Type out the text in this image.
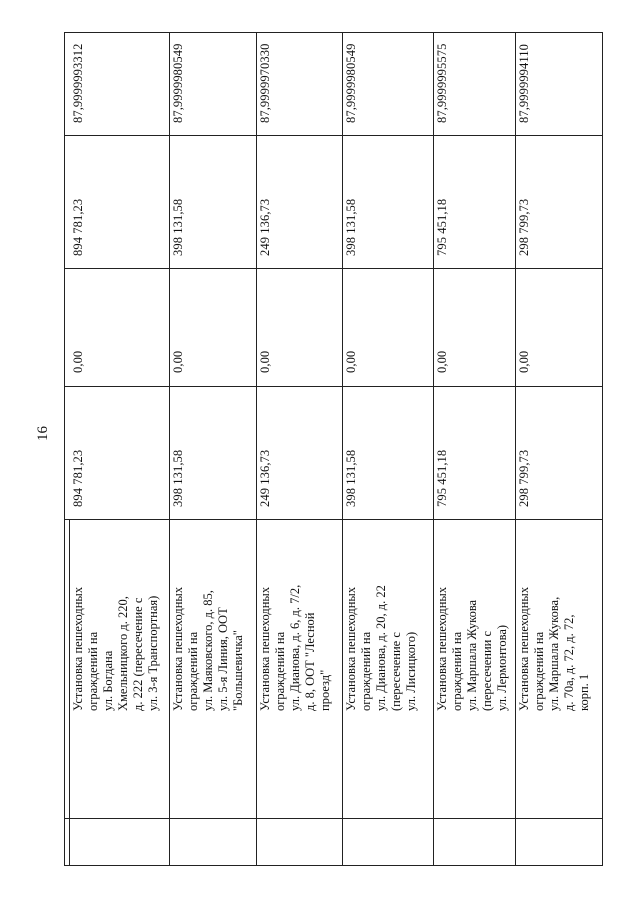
16
Установка пешеходных
ограждений на
ул. Богдана
Хмельницкого д. 220,
д. 222 (пересечение с
ул. 3-я Транспортная)
894 781,23
0,00
894 781,23
87,9999993312
Установка пешеходных
ограждений на
ул. Маяковского, д. 85,
ул. 5-я Линия, ООТ
"Большевичка"
398 131,58
0,00
398 131,58
87,9999980549
Установка пешеходных
ограждений на
ул. Дианова, д. 6, д. 7/2,
д. 8, ООТ "Лесной
проезд"
249 136,73
0,00
249 136,73
87,9999970330
Установка пешеходных
ограждений на
ул. Дианова, д. 20, д. 22
(пересечение с
ул. Лисицкого)
398 131,58
0,00
398 131,58
87,9999980549
Установка пешеходных
ограждений на
ул. Маршала Жукова
(пересечении с
ул. Лермонтова)
795 451,18
0,00
795 451,18
87,9999995575
Установка пешеходных
ограждений на
ул. Маршала Жукова,
д. 70а, д. 72, д. 72,
корп. 1
298 799,73
0,00
298 799,73
87,9999994110
